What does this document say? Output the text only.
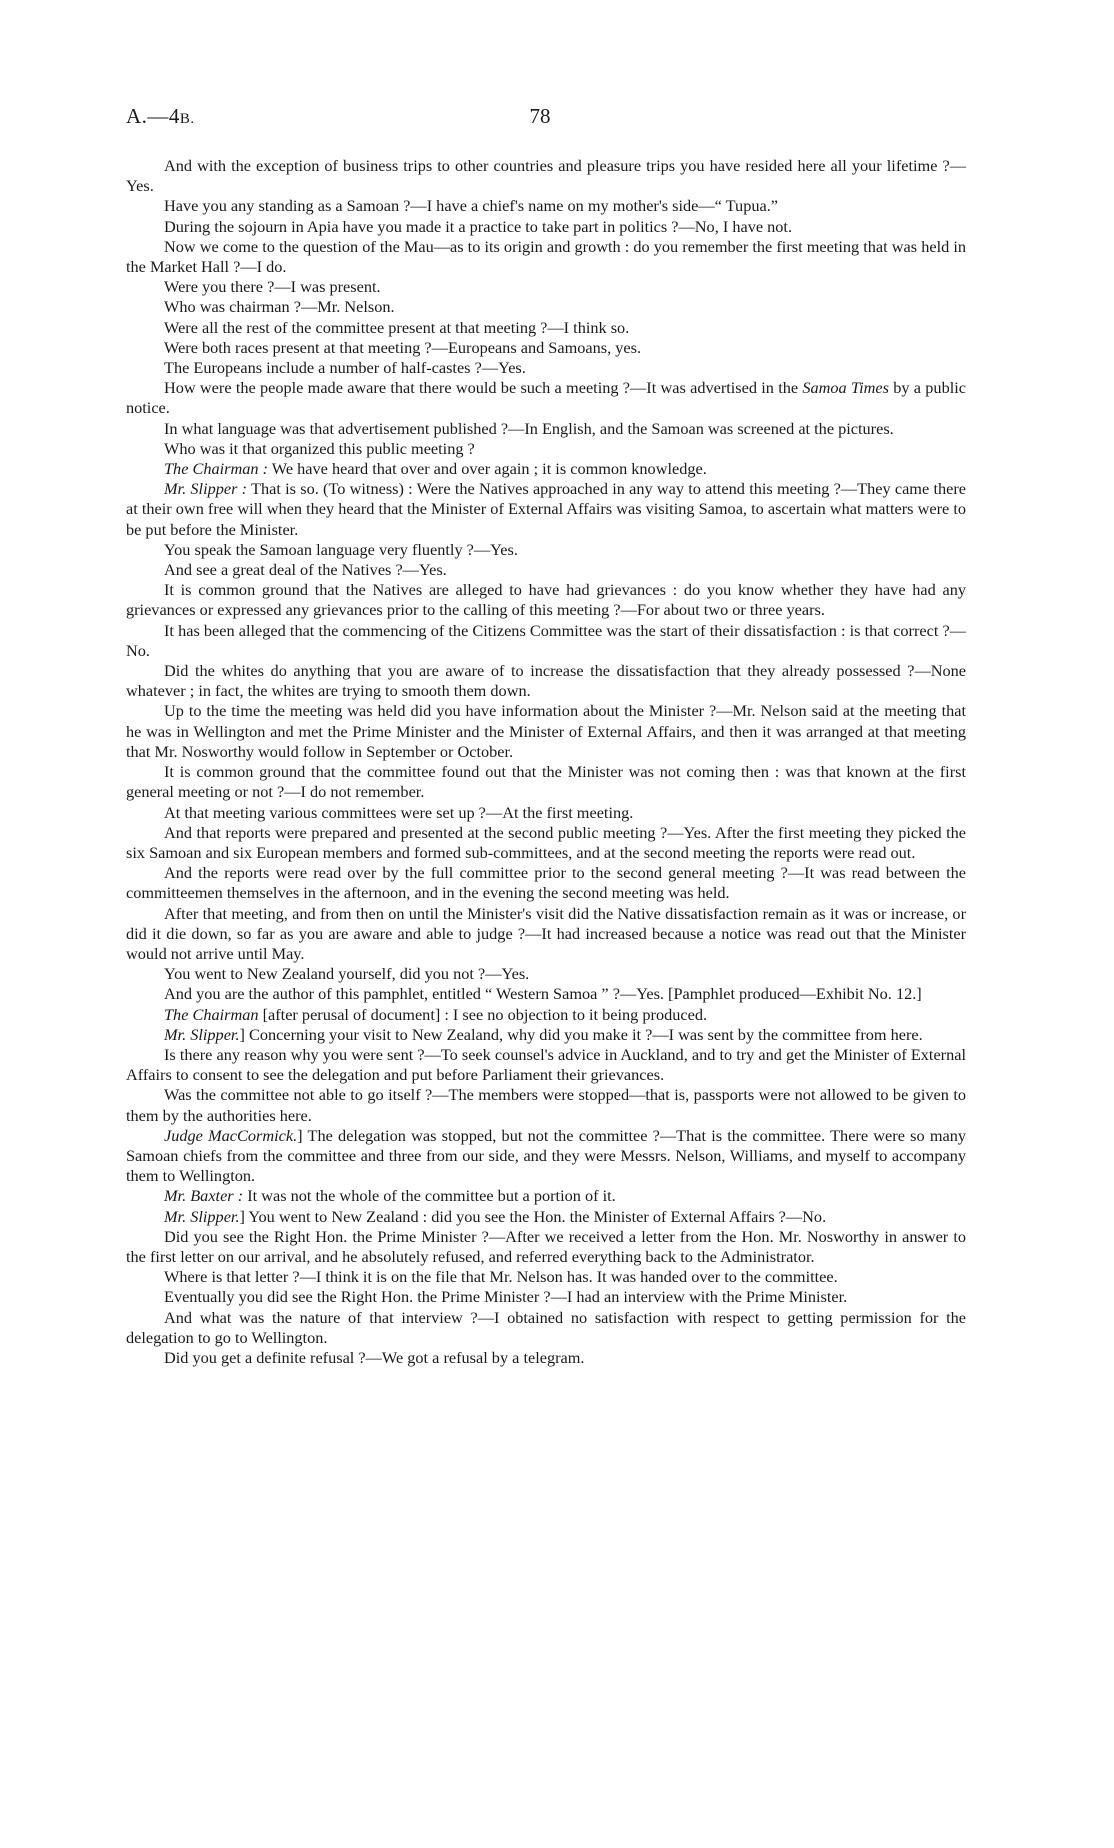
A.—4B.	78

And with the exception of business trips to other countries and pleasure trips you have resided here all your lifetime ?—Yes.

Have you any standing as a Samoan ?—I have a chief's name on my mother's side—“ Tupua.”

During the sojourn in Apia have you made it a practice to take part in politics ?—No, I have not.

Now we come to the question of the Mau—as to its origin and growth : do you remember the first meeting that was held in the Market Hall ?—I do.

Were you there ?—I was present.

Who was chairman ?—Mr. Nelson.

Were all the rest of the committee present at that meeting ?—I think so.

Were both races present at that meeting ?—Europeans and Samoans, yes.

The Europeans include a number of half-castes ?—Yes.

How were the people made aware that there would be such a meeting ?—It was advertised in the Samoa Times by a public notice.

In what language was that advertisement published ?—In English, and the Samoan was screened at the pictures.

Who was it that organized this public meeting ?

The Chairman : We have heard that over and over again ; it is common knowledge.

Mr. Slipper : That is so. (To witness) : Were the Natives approached in any way to attend this meeting ?—They came there at their own free will when they heard that the Minister of External Affairs was visiting Samoa, to ascertain what matters were to be put before the Minister.

You speak the Samoan language very fluently ?—Yes.

And see a great deal of the Natives ?—Yes.

It is common ground that the Natives are alleged to have had grievances : do you know whether they have had any grievances or expressed any grievances prior to the calling of this meeting ?—For about two or three years.

It has been alleged that the commencing of the Citizens Committee was the start of their dissatisfaction : is that correct ?—No.

Did the whites do anything that you are aware of to increase the dissatisfaction that they already possessed ?—None whatever ; in fact, the whites are trying to smooth them down.

Up to the time the meeting was held did you have information about the Minister ?—Mr. Nelson said at the meeting that he was in Wellington and met the Prime Minister and the Minister of External Affairs, and then it was arranged at that meeting that Mr. Nosworthy would follow in September or October.

It is common ground that the committee found out that the Minister was not coming then : was that known at the first general meeting or not ?—I do not remember.

At that meeting various committees were set up ?—At the first meeting.

And that reports were prepared and presented at the second public meeting ?—Yes. After the first meeting they picked the six Samoan and six European members and formed sub-committees, and at the second meeting the reports were read out.

And the reports were read over by the full committee prior to the second general meeting ?—It was read between the committeemen themselves in the afternoon, and in the evening the second meeting was held.

After that meeting, and from then on until the Minister's visit did the Native dissatisfaction remain as it was or increase, or did it die down, so far as you are aware and able to judge ?—It had increased because a notice was read out that the Minister would not arrive until May.

You went to New Zealand yourself, did you not ?—Yes.

And you are the author of this pamphlet, entitled “ Western Samoa ” ?—Yes. [Pamphlet produced—Exhibit No. 12.]

The Chairman [after perusal of document] : I see no objection to it being produced.

Mr. Slipper.] Concerning your visit to New Zealand, why did you make it ?—I was sent by the committee from here.

Is there any reason why you were sent ?—To seek counsel's advice in Auckland, and to try and get the Minister of External Affairs to consent to see the delegation and put before Parliament their grievances.

Was the committee not able to go itself ?—The members were stopped—that is, passports were not allowed to be given to them by the authorities here.

Judge MacCormick.] The delegation was stopped, but not the committee ?—That is the committee. There were so many Samoan chiefs from the committee and three from our side, and they were Messrs. Nelson, Williams, and myself to accompany them to Wellington.

Mr. Baxter : It was not the whole of the committee but a portion of it.

Mr. Slipper.] You went to New Zealand : did you see the Hon. the Minister of External Affairs ?—No.

Did you see the Right Hon. the Prime Minister ?—After we received a letter from the Hon. Mr. Nosworthy in answer to the first letter on our arrival, and he absolutely refused, and referred everything back to the Administrator.

Where is that letter ?—I think it is on the file that Mr. Nelson has. It was handed over to the committee.

Eventually you did see the Right Hon. the Prime Minister ?—I had an interview with the Prime Minister.

And what was the nature of that interview ?—I obtained no satisfaction with respect to getting permission for the delegation to go to Wellington.

Did you get a definite refusal ?—We got a refusal by a telegram.
